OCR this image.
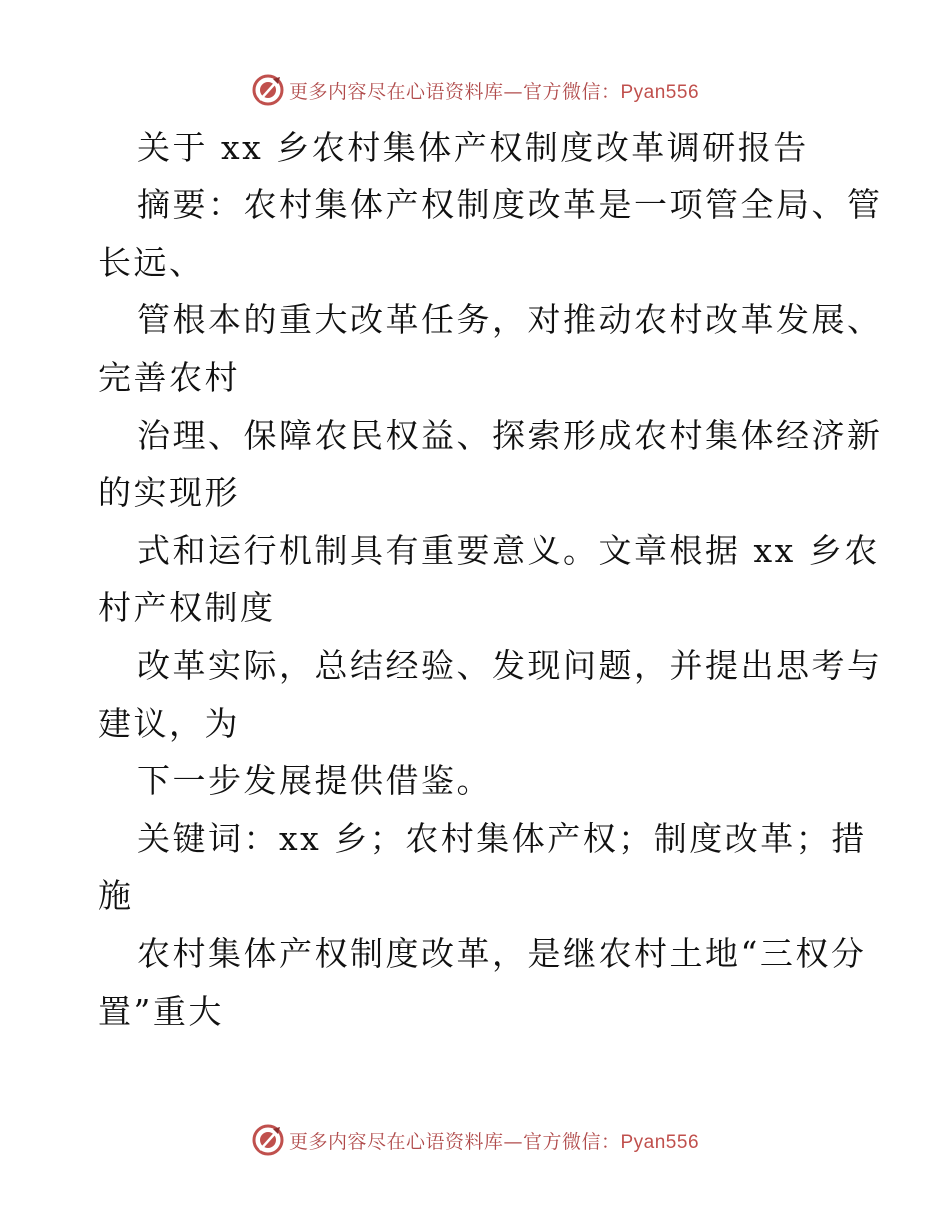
更多内容尽在心语资料库—官方微信：Pyan556
关于 xx 乡农村集体产权制度改革调研报告
摘要：农村集体产权制度改革是一项管全局、管
长远、
管根本的重大改革任务，对推动农村改革发展、
完善农村
治理、保障农民权益、探索形成农村集体经济新
的实现形
式和运行机制具有重要意义。文章根据 xx 乡农
村产权制度
改革实际，总结经验、发现问题，并提出思考与
建议，为
下一步发展提供借鉴。
关键词：xx 乡；农村集体产权；制度改革；措
施
农村集体产权制度改革，是继农村土地“三权分
置”重大
更多内容尽在心语资料库—官方微信：Pyan556
